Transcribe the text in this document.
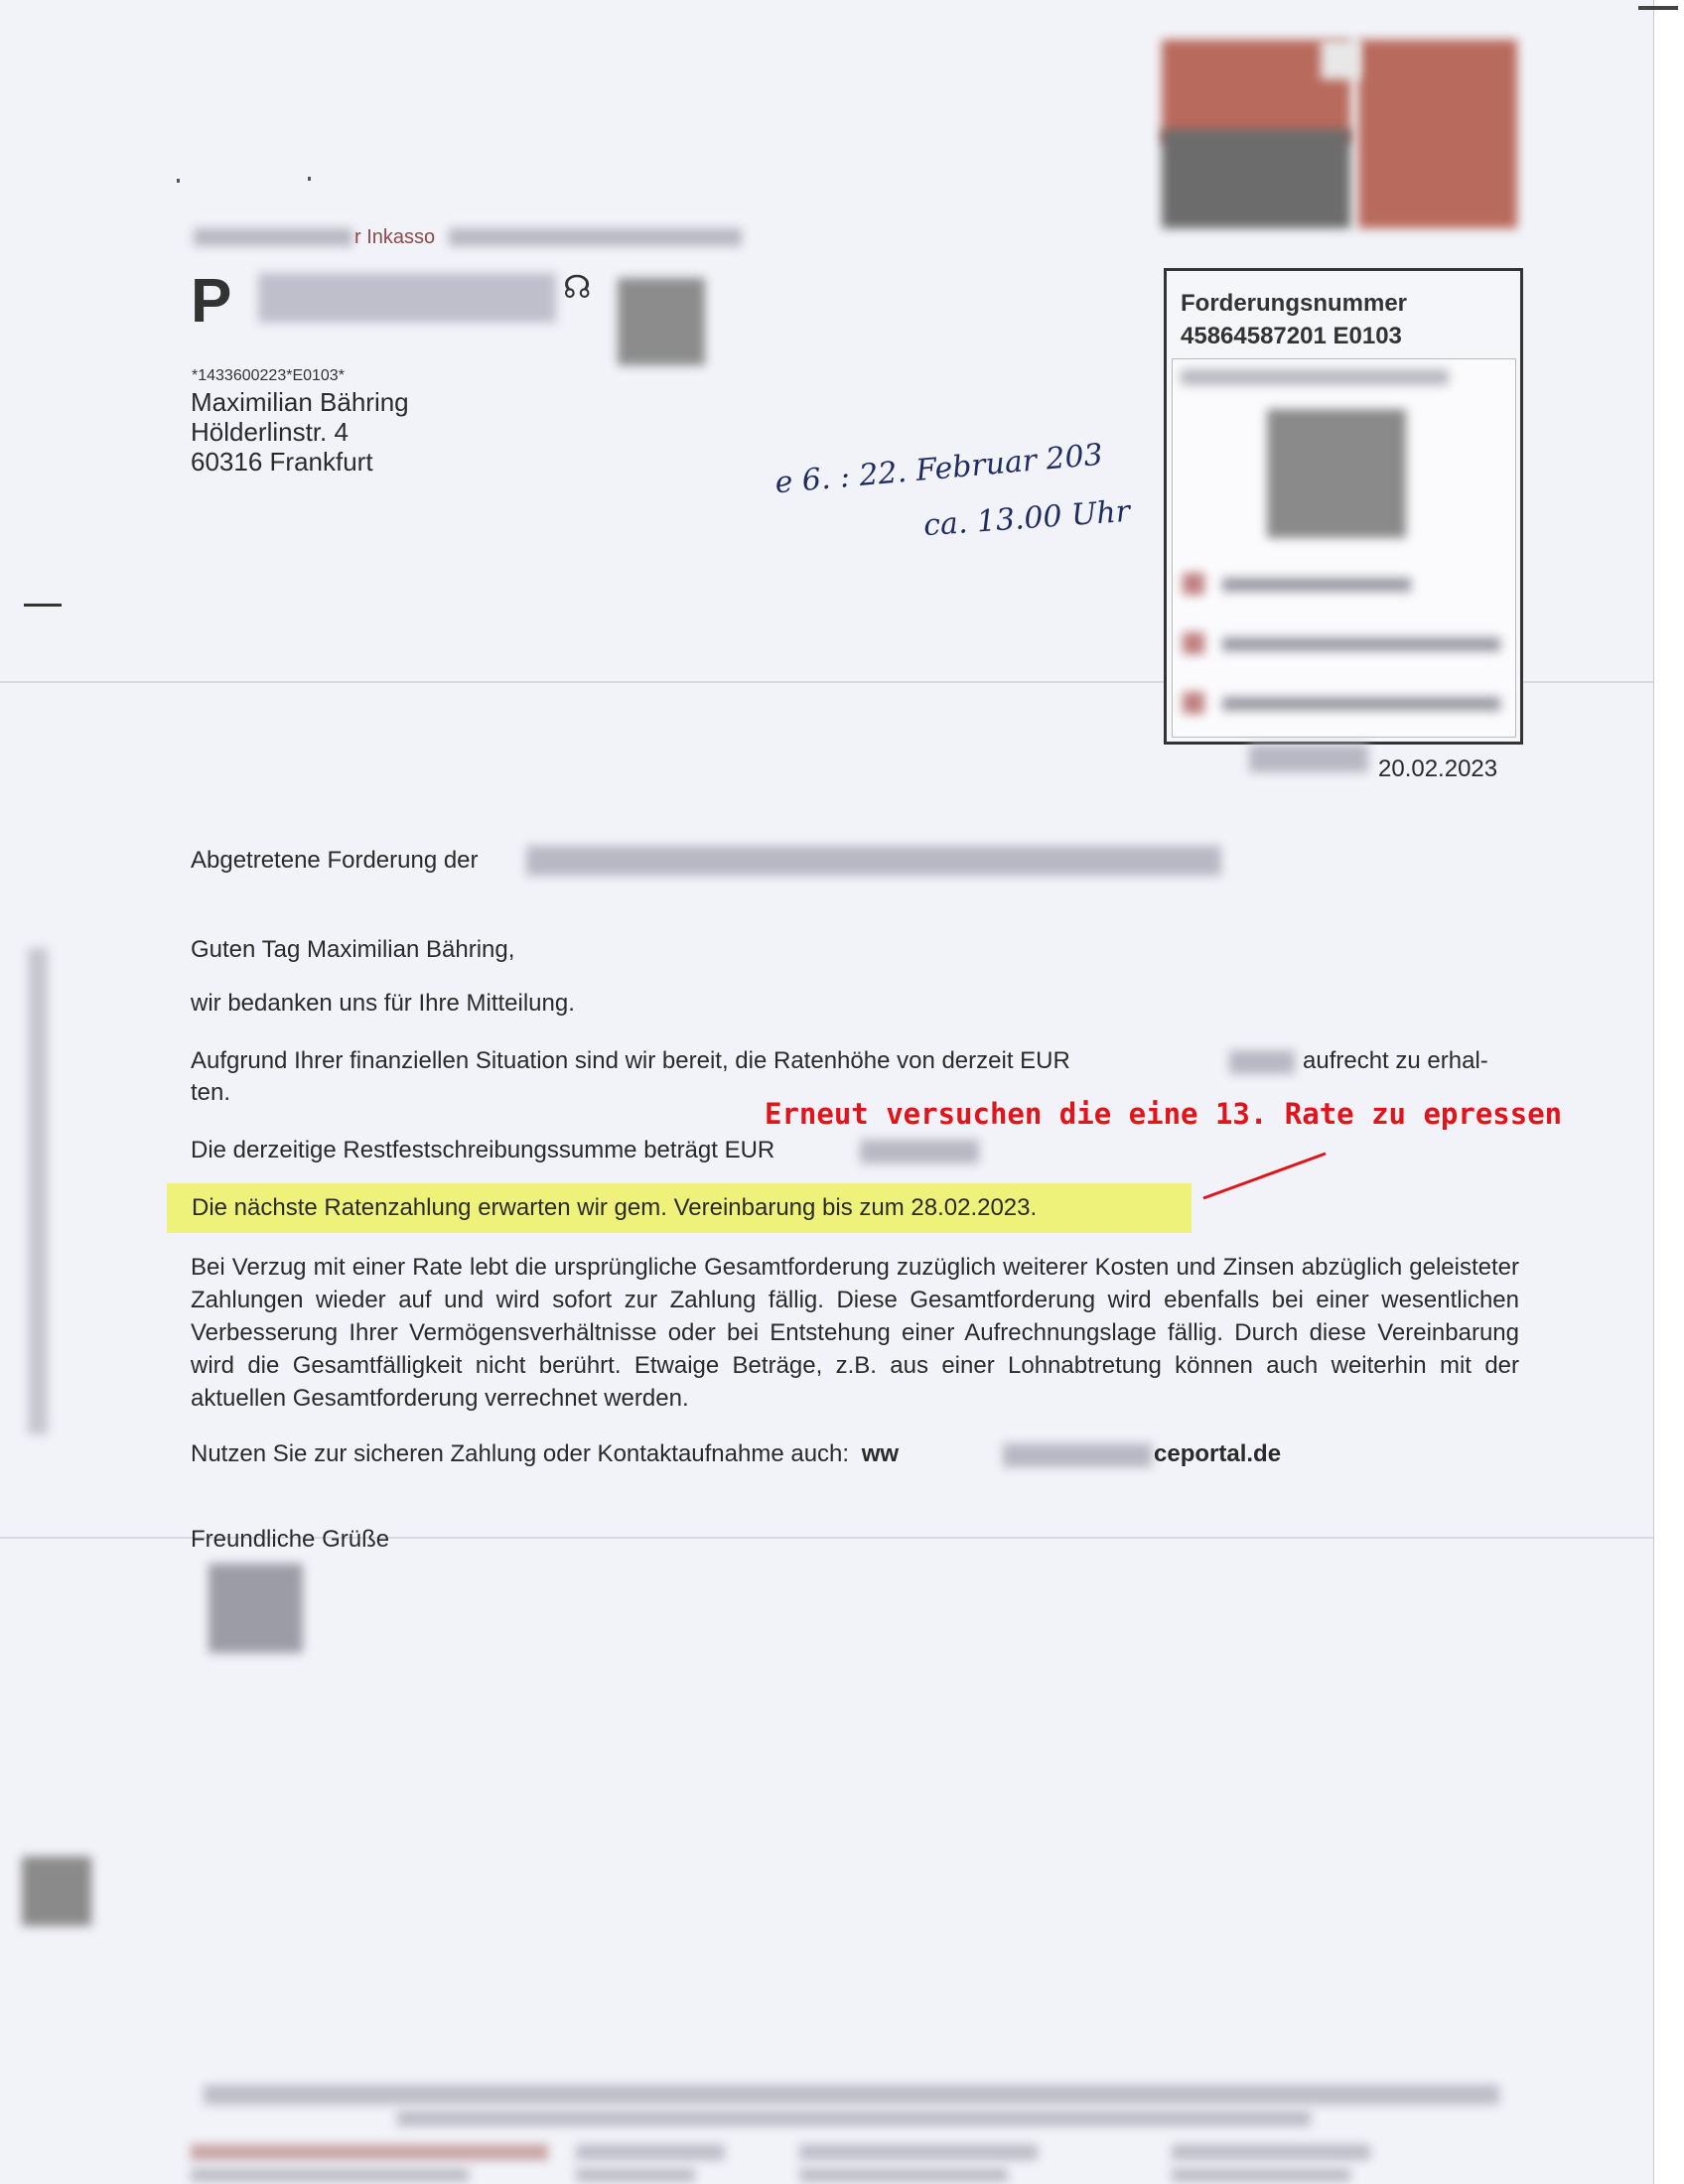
r Inkasso
P	☊
*1433600223*E0103*
Maximilian Bähring
Hölderlinstr. 4
60316 Frankfurt	e 6. : 22. Februar 203
ca. 13.00 Uhr
Forderungsnummer
45864587201 E0103
20.02.2023
Abgetretene Forderung der
Guten Tag Maximilian Bähring,
wir bedanken uns für Ihre Mitteilung.
Aufgrund Ihrer finanziellen Situation sind wir bereit, die Ratenhöhe von derzeit EUR	aufrecht zu erhal-
ten.
Erneut versuchen die eine 13. Rate zu epressen
Die derzeitige Restfestschreibungssumme beträgt EUR
Die nächste Ratenzahlung erwarten wir gem. Vereinbarung bis zum 28.02.2023.
Bei Verzug mit einer Rate lebt die ursprüngliche Gesamtforderung zuzüglich weiterer Kosten und Zinsen abzüglich geleisteter Zahlungen wieder auf und wird sofort zur Zahlung fällig. Diese Gesamtforderung wird ebenfalls bei einer wesentlichen Verbesserung Ihrer Vermögensverhältnisse oder bei Entstehung einer Aufrechnungslage fällig. Durch diese Vereinbarung wird die Gesamtfälligkeit nicht berührt. Etwaige Beträge, z.B. aus einer Lohnabtretung können auch weiterhin mit der aktuellen Gesamtforderung verrechnet werden.
Nutzen Sie zur sicheren Zahlung oder Kontaktaufnahme auch: ww	ceportal.de
Freundliche Grüße
